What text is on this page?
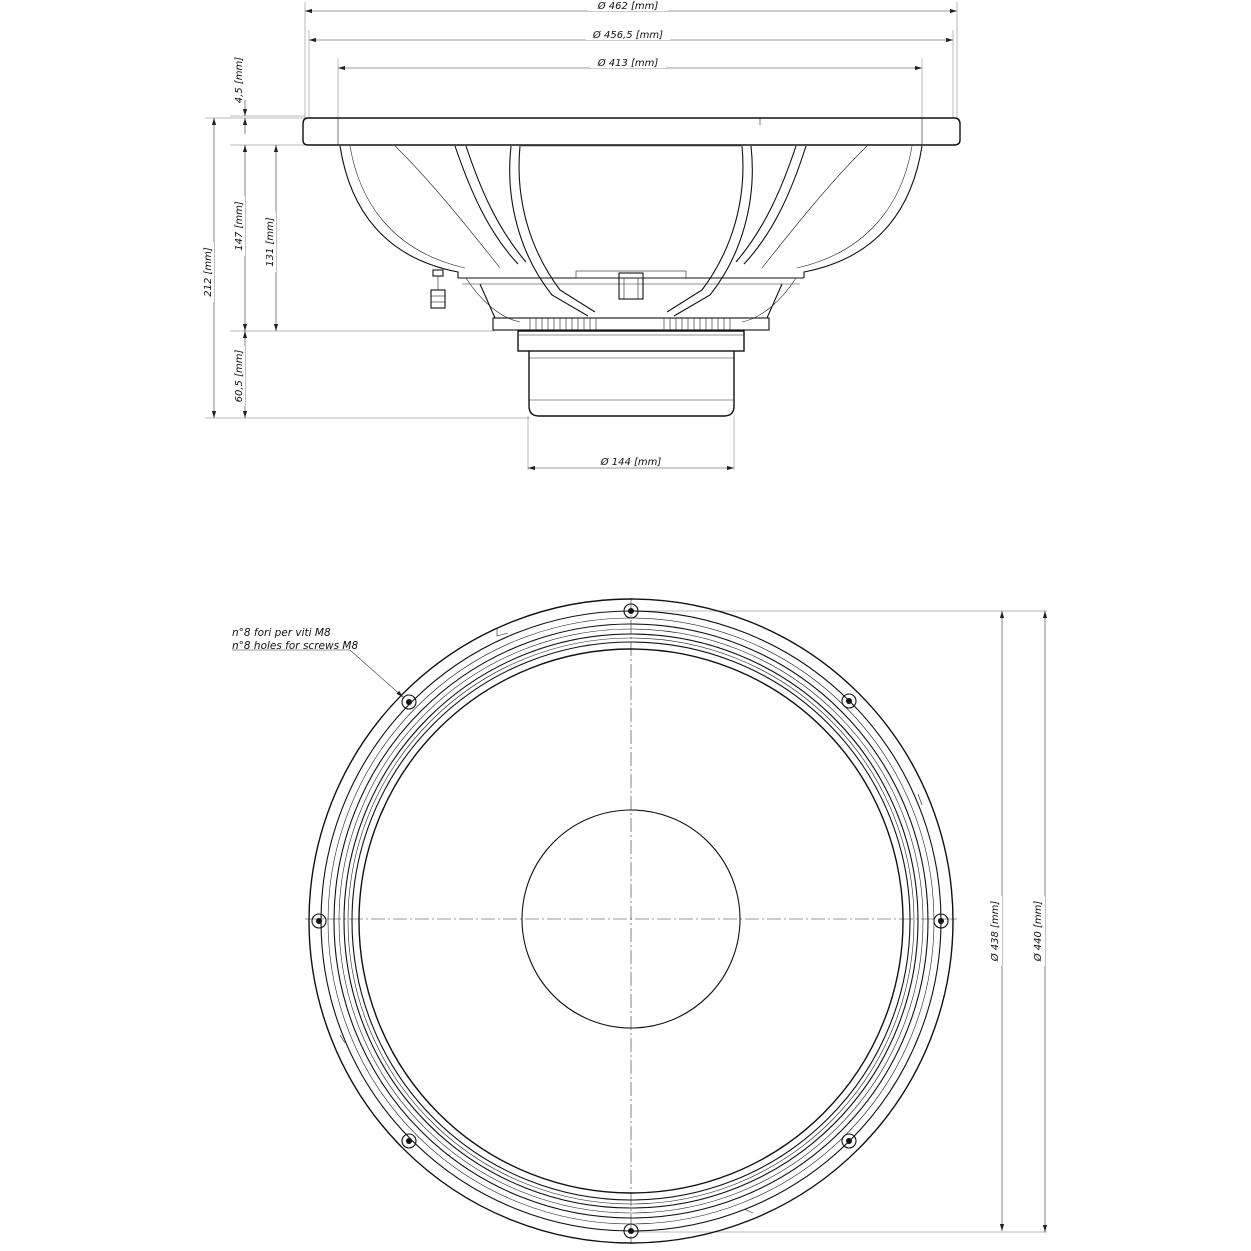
Ø 462 [mm]
Ø 456,5 [mm]
Ø 413 [mm]
4,5 [mm]
212 [mm]
147 [mm] 131 [mm]
60,5 [mm]
Ø 144 [mm]
n°8 fori per viti M8
n°8 holes for screws M8
Ø 438 [mm]	Ø 440 [mm]
